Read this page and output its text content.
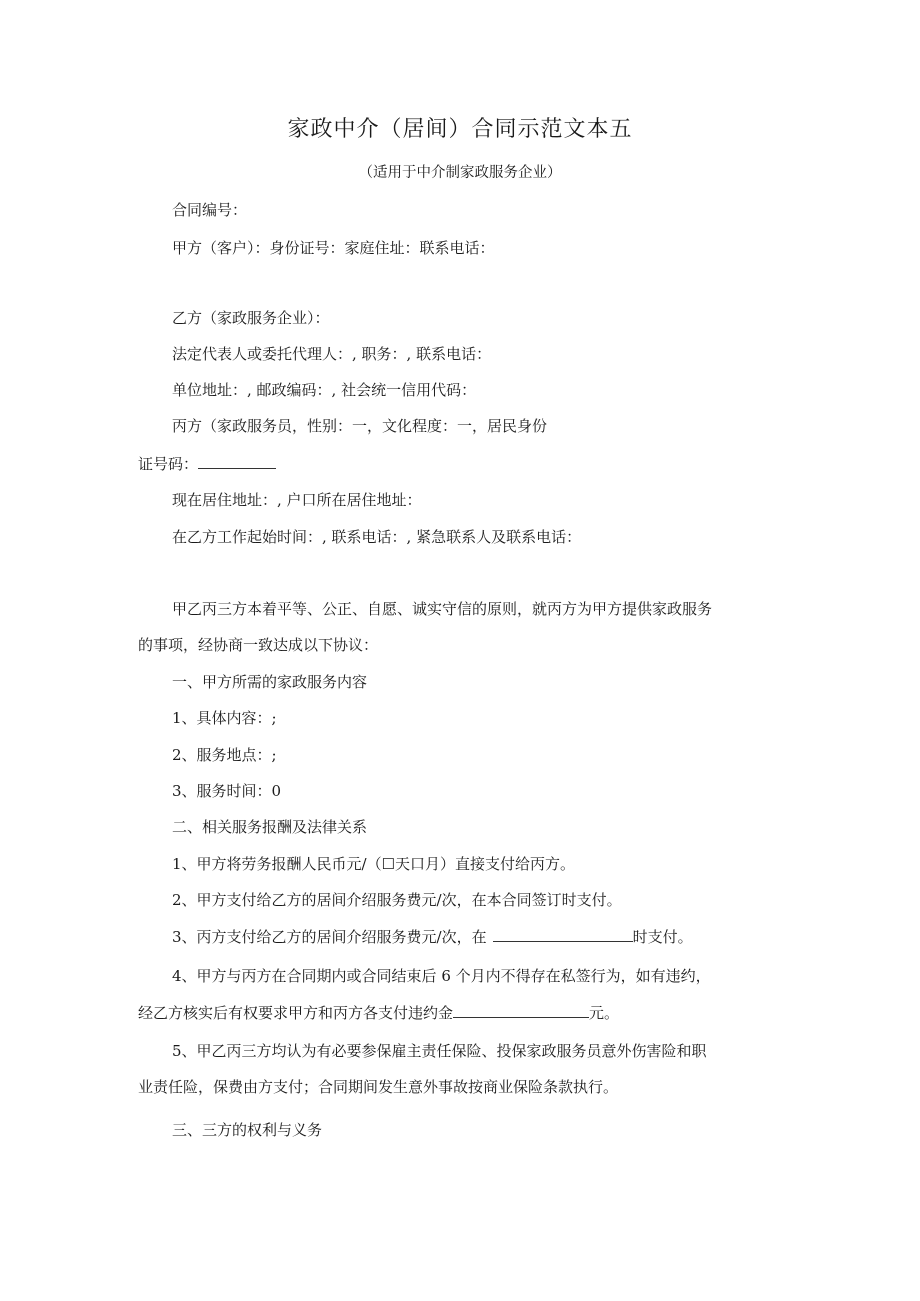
家政中介（居间）合同示范文本五
（适用于中介制家政服务企业）
合同编号：
甲方（客户）：身份证号：家庭住址：联系电话：
乙方（家政服务企业）：
法定代表人或委托代理人：, 职务：, 联系电话：
单位地址：, 邮政编码：, 社会统一信用代码：
丙方（家政服务员，性别：一，文化程度：一，居民身份
证号码：
现在居住地址：, 户口所在居住地址：
在乙方工作起始时间：, 联系电话：, 紧急联系人及联系电话：
甲乙丙三方本着平等、公正、自愿、诚实守信的原则，就丙方为甲方提供家政服务
的事项，经协商一致达成以下协议：
一、甲方所需的家政服务内容
1、具体内容：;
2、服务地点：;
3、服务时间：0
二、相关服务报酬及法律关系
1、甲方将劳务报酬人民币元/（☐天口月）直接支付给丙方。
2、甲方支付给乙方的居间介绍服务费元/次，在本合同签订时支付。
3、丙方支付给乙方的居间介绍服务费元/次，在	时支付。
4、甲方与丙方在合同期内或合同结束后 6 个月内不得存在私签行为，如有违约，
经乙方核实后有权要求甲方和丙方各支付违约金	元。
5、甲乙丙三方均认为有必要参保雇主责任保险、投保家政服务员意外伤害险和职
业责任险，保费由方支付；合同期间发生意外事故按商业保险条款执行。
三、三方的权利与义务
